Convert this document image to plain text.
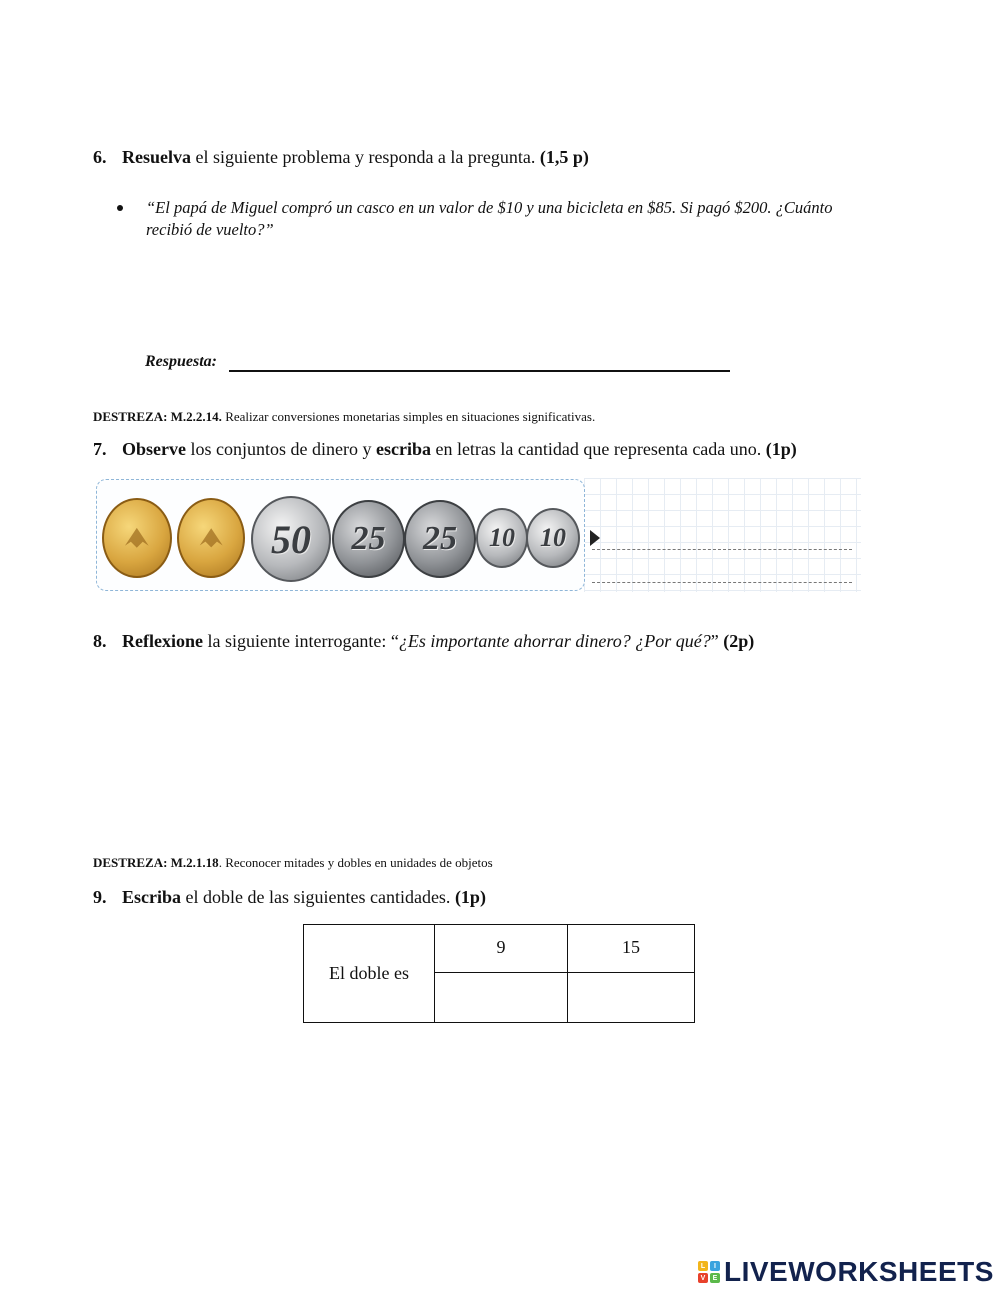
6. Resuelva el siguiente problema y responda a la pregunta. (1,5 p)
“El papá de Miguel compró un casco en un valor de $10 y una bicicleta en $85. Si pagó $200. ¿Cuánto
recibió de vuelto?”
Respuesta:
DESTREZA: M.2.2.14. Realizar conversiones monetarias simples en situaciones significativas.
7. Observe los conjuntos de dinero y escriba en letras la cantidad que representa cada uno. (1p)
50 25 25 10 10
8. Reflexione la siguiente interrogante: “¿Es importante ahorrar dinero? ¿Por qué?” (2p)
DESTREZA: M.2.1.18. Reconocer mitades y dobles en unidades de objetos
9. Escriba el doble de las siguientes cantidades. (1p)
El doble es	9	15

L	I
V	E LIVEWORKSHEETS
